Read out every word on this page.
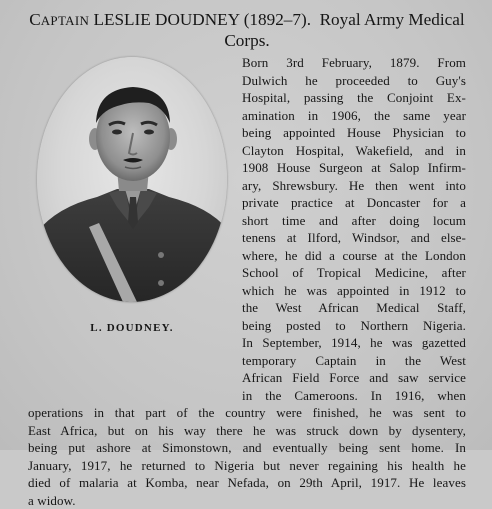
CAPTAIN LESLIE DOUDNEY (1892–7). Royal Army Medical
Corps.
L. DOUDNEY.
Born 3rd February, 1879. From
Dulwich he proceeded to Guy's
Hospital, passing the Conjoint Ex-
amination in 1906, the same year
being appointed House Physician to
Clayton Hospital, Wakefield, and in
1908 House Surgeon at Salop Infirm-
ary, Shrewsbury. He then went into
private practice at Doncaster for a
short time and after doing locum
tenens at Ilford, Windsor, and else-
where, he did a course at the London
School of Tropical Medicine, after
which he was appointed in 1912 to
the West African Medical Staff,
being posted to Northern Nigeria.
In September, 1914, he was gazetted
temporary Captain in the West
African Field Force and saw service
in the Cameroons. In 1916, when
operations in that part of the country were finished, he was sent to
East Africa, but on his way there he was struck down by dysentery,
being put ashore at Simonstown, and eventually being sent home. In
January, 1917, he returned to Nigeria but never regaining his health he
died of malaria at Komba, near Nefada, on 29th April, 1917. He leaves
a widow.
